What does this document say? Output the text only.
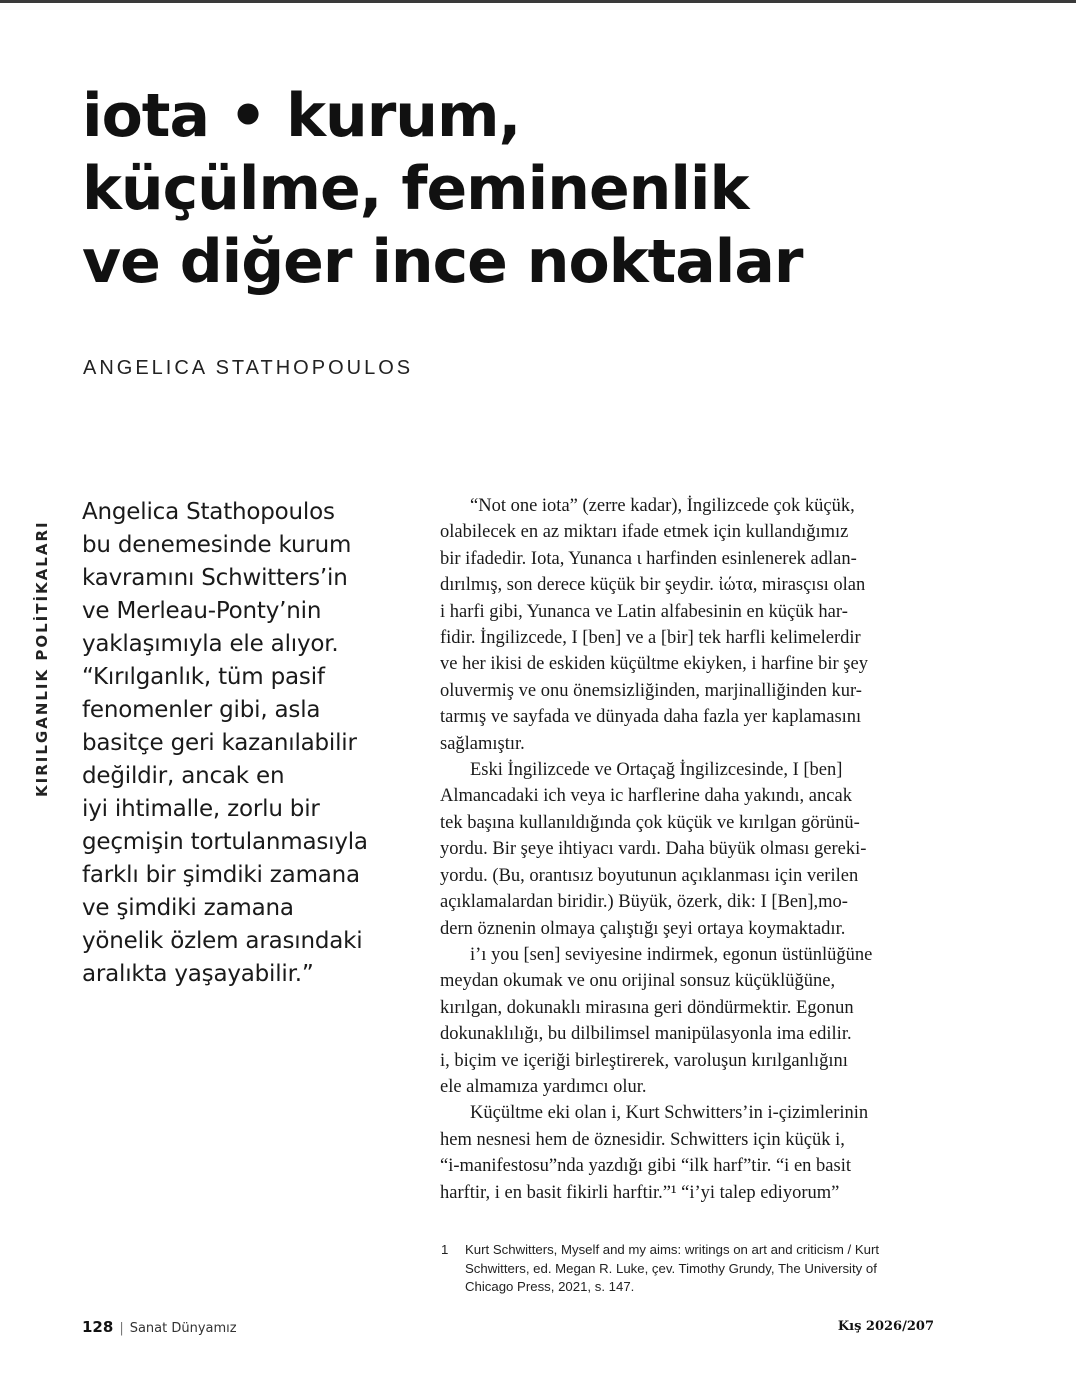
iota • kurum,
küçülme, feminenlik
ve diğer ince noktalar
ANGELICA STATHOPOULOS
KIRILGANLIK POLİTİKALARI
Angelica Stathopoulos
bu denemesinde kurum
kavramını Schwitters’in
ve Merleau-Ponty’nin
yaklaşımıyla ele alıyor.
“Kırılganlık, tüm pasif
fenomenler gibi, asla
basitçe geri kazanılabilir
değildir, ancak en
iyi ihtimalle, zorlu bir
geçmişin tortulanmasıyla
farklı bir şimdiki zamana
ve şimdiki zamana
yönelik özlem arasındaki
aralıkta yaşayabilir.”
“Not one iota” (zerre kadar), İngilizcede çok küçük,
olabilecek en az miktarı ifade etmek için kullandığımız
bir ifadedir. Iota, Yunanca ι harfinden esinlenerek adlan-
dırılmış, son derece küçük bir şeydir. ἰώτα, mirasçısı olan
i harfi gibi, Yunanca ve Latin alfabesinin en küçük har-
fidir. İngilizcede, I [ben] ve a [bir] tek harfli kelimelerdir
ve her ikisi de eskiden küçültme ekiyken, i harfine bir şey
oluvermiş ve onu önemsizliğinden, marjinalliğinden kur-
tarmış ve sayfada ve dünyada daha fazla yer kaplamasını
sağlamıştır.
Eski İngilizcede ve Ortaçağ İngilizcesinde, I [ben]
Almancadaki ich veya ic harflerine daha yakındı, ancak
tek başına kullanıldığında çok küçük ve kırılgan görünü-
yordu. Bir şeye ihtiyacı vardı. Daha büyük olması gereki-
yordu. (Bu, orantısız boyutunun açıklanması için verilen
açıklamalardan biridir.) Büyük, özerk, dik: I [Ben],mo-
dern öznenin olmaya çalıştığı şeyi ortaya koymaktadır.
i’ı you [sen] seviyesine indirmek, egonun üstünlüğüne
meydan okumak ve onu orijinal sonsuz küçüklüğüne,
kırılgan, dokunaklı mirasına geri döndürmektir. Egonun
dokunaklılığı, bu dilbilimsel manipülasyonla ima edilir.
i, biçim ve içeriği birleştirerek, varoluşun kırılganlığını
ele almamıza yardımcı olur.
Küçültme eki olan i, Kurt Schwitters’in i-çizimlerinin
hem nesnesi hem de öznesidir. Schwitters için küçük i,
“i-manifestosu”nda yazdığı gibi “ilk harf”tir. “i en basit
harftir, i en basit fikirli harftir.”¹ “i’yi talep ediyorum”
1 Kurt Schwitters, Myself and my aims: writings on art and criticism / Kurt
Schwitters, ed. Megan R. Luke, çev. Timothy Grundy, The University of
Chicago Press, 2021, s. 147.
128 | Sanat Dünyamız	Kış 2026/207
